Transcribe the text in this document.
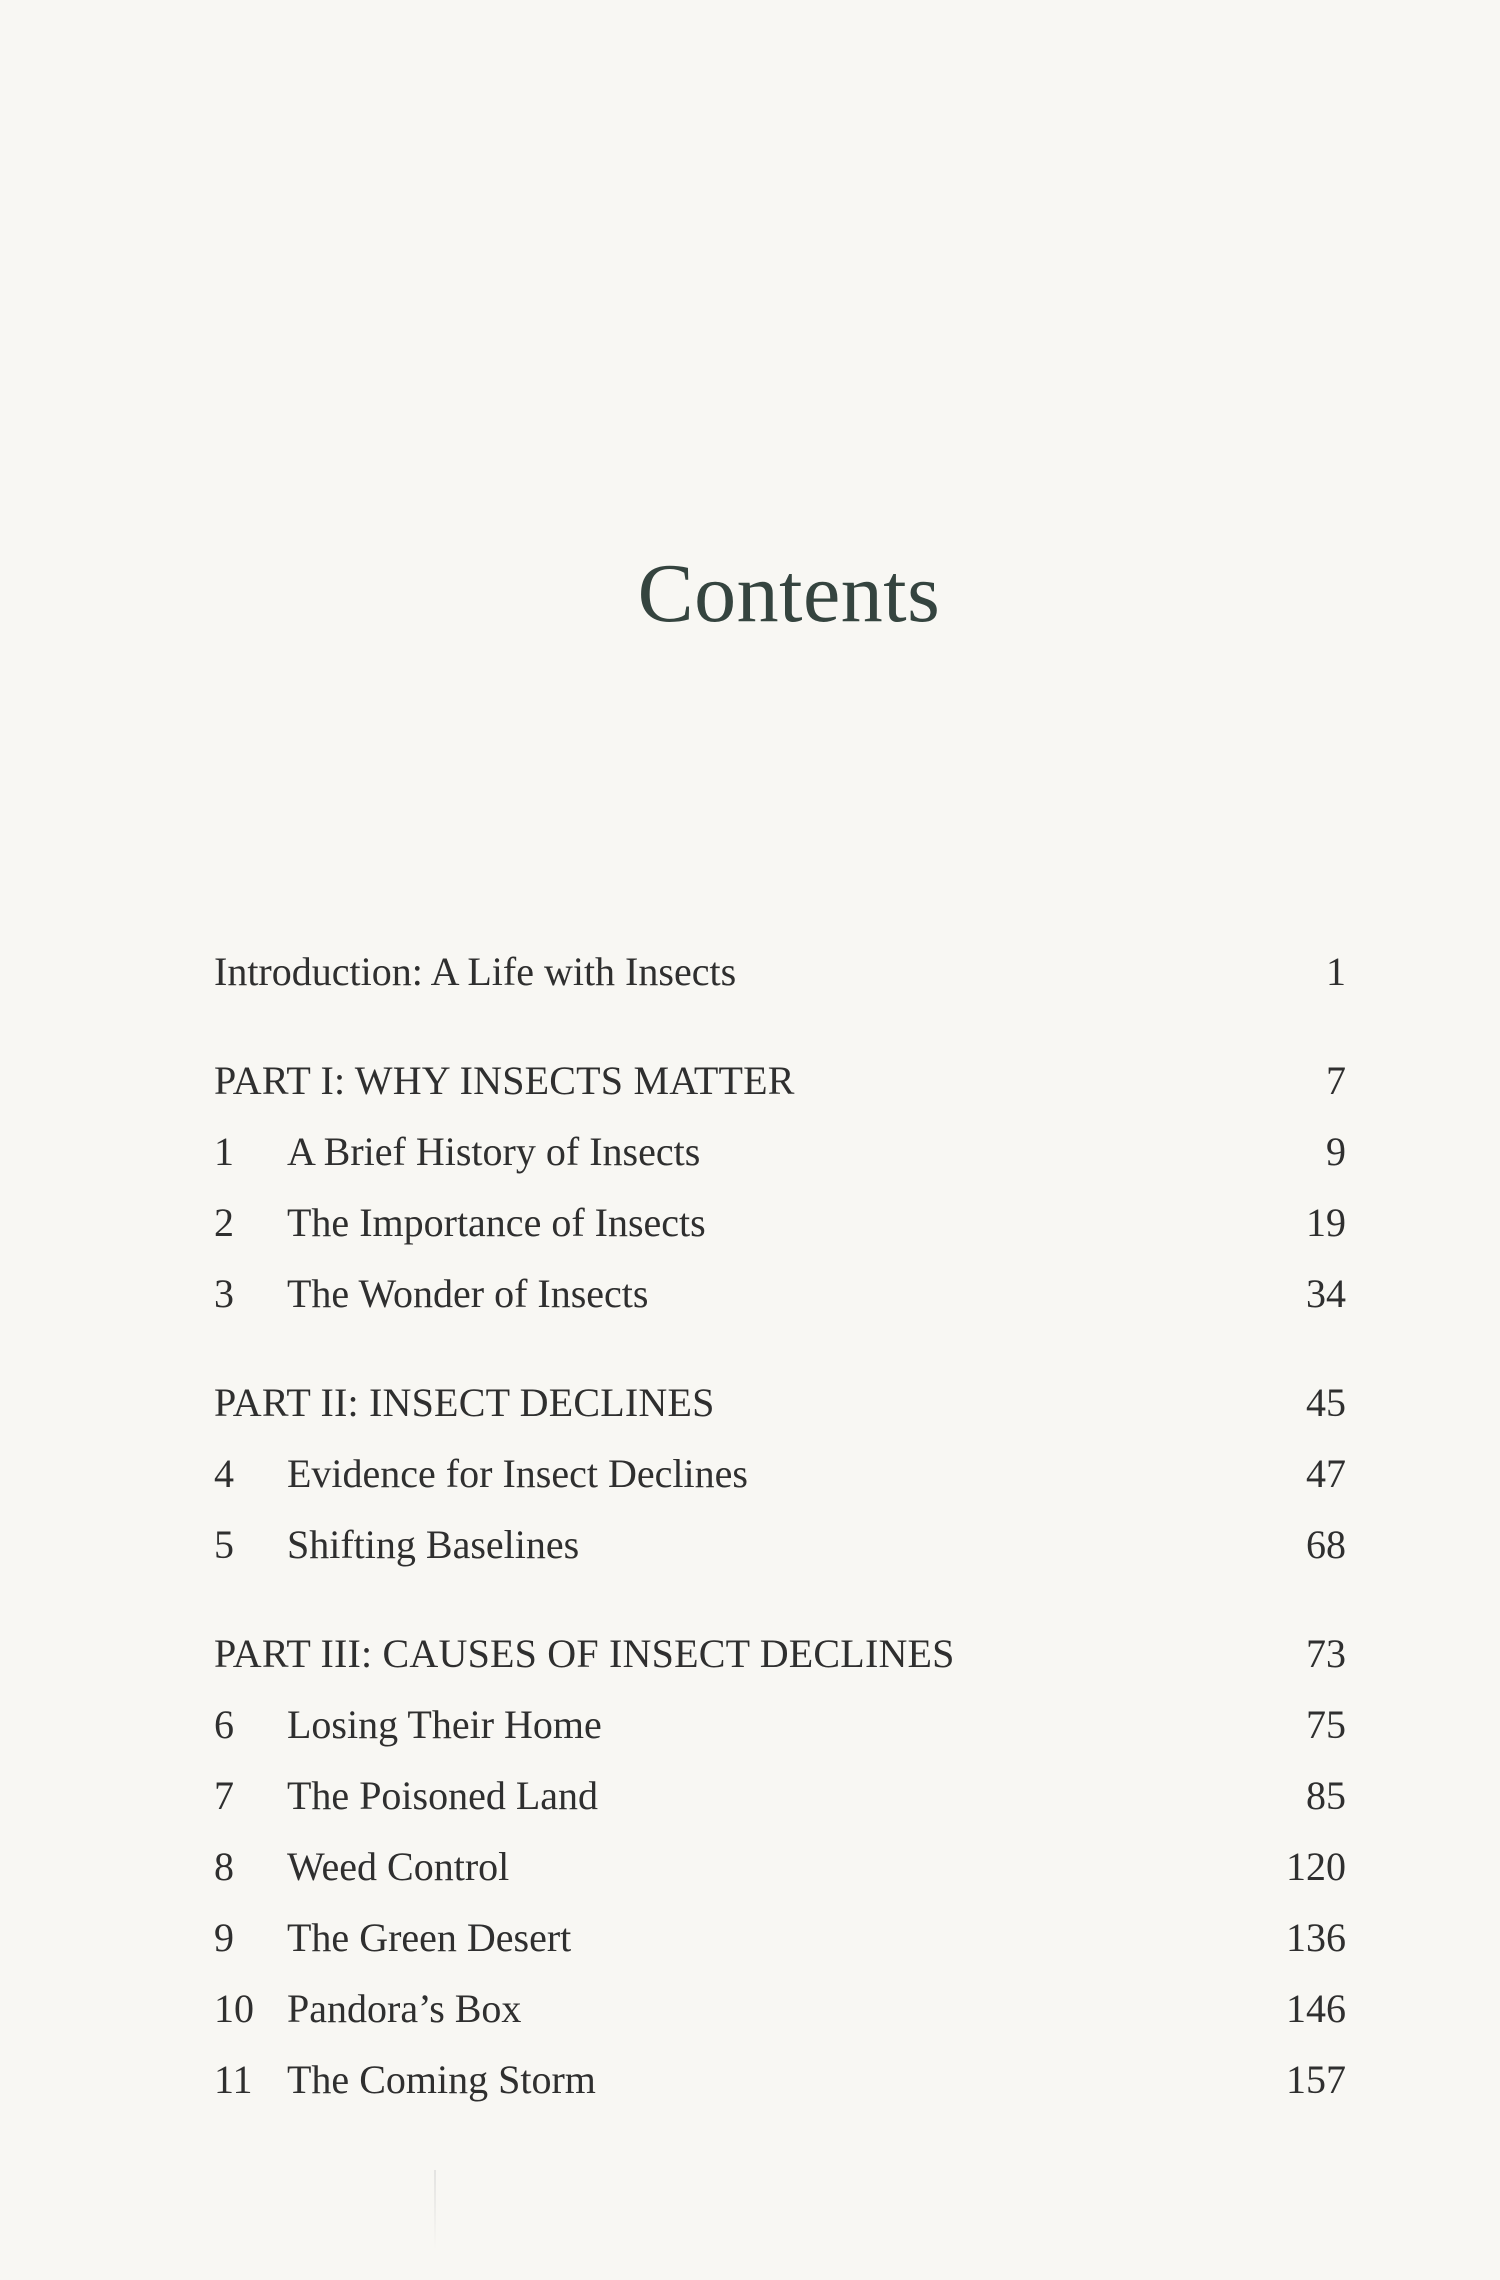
Contents
Introduction: A Life with Insects	1
PART I: WHY INSECTS MATTER	7
1 A Brief History of Insects	9
2 The Importance of Insects	19
3 The Wonder of Insects	34
PART II: INSECT DECLINES	45
4 Evidence for Insect Declines	47
5 Shifting Baselines	68
PART III: CAUSES OF INSECT DECLINES	73
6 Losing Their Home	75
7 The Poisoned Land	85
8 Weed Control	120
9 The Green Desert	136
10 Pandora’s Box	146
11 The Coming Storm	157
